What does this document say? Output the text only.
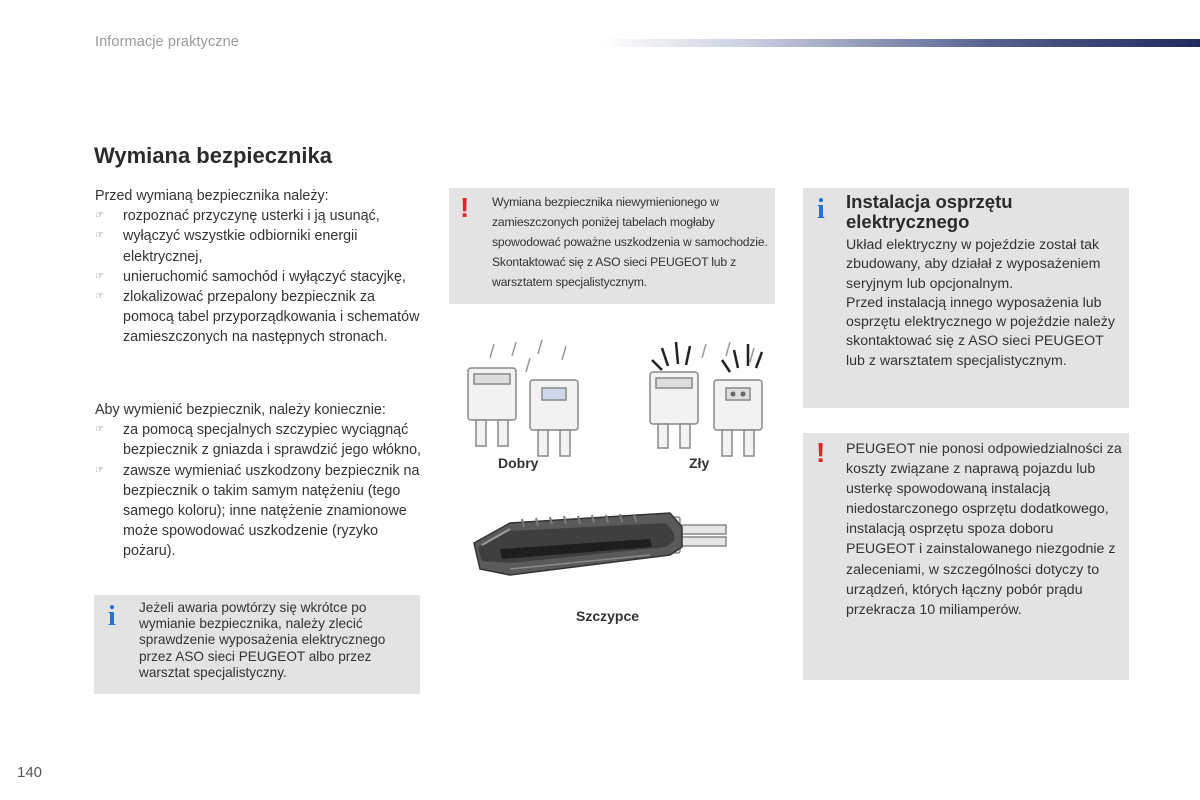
Informacje praktyczne
Wymiana bezpiecznika

Przed wymianą bezpiecznika należy:

☞	rozpoznać przyczynę usterki i ją usunąć,
☞	wyłączyć wszystkie odbiorniki energii elektrycznej,
☞	unieruchomić samochód i wyłączyć stacyjkę,
☞	zlokalizować przepalony bezpiecznik za pomocą tabel przyporządkowania i schematów zamieszczonych na następnych stronach.

Aby wymienić bezpiecznik, należy koniecznie:

☞	za pomocą specjalnych szczypiec wyciągnąć bezpiecznik z gniazda i sprawdzić jego włókno,
☞	zawsze wymieniać uszkodzony bezpiecznik na bezpiecznik o takim samym natężeniu (tego samego koloru); inne natężenie znamionowe może spowodować uszkodzenie (ryzyko pożaru).
i Jeżeli awaria powtórzy się wkrótce po wymianie bezpiecznika, należy zlecić sprawdzenie wyposażenia elektrycznego przez ASO sieci PEUGEOT albo przez warsztat specjalistyczny.
! Wymiana bezpiecznika niewymienionego w zamieszczonych poniżej tabelach mogłaby spowodować poważne uszkodzenia w samochodzie. Skontaktować się z ASO sieci PEUGEOT lub z warsztatem specjalistycznym.
Dobry	Zły
Szczypce
i Instalacja osprzętu elektrycznego

Układ elektryczny w pojeździe został tak zbudowany, aby działał z wyposażeniem seryjnym lub opcjonalnym.

Przed instalacją innego wyposażenia lub osprzętu elektrycznego w pojeździe należy skontaktować się z ASO sieci PEUGEOT lub z warsztatem specjalistycznym.

! PEUGEOT nie ponosi odpowiedzialności za koszty związane z naprawą pojazdu lub usterkę spowodowaną instalacją niedostarczonego osprzętu dodatkowego, instalacją osprzętu spoza doboru PEUGEOT i zainstalowanego niezgodnie z zaleceniami, w szczególności dotyczy to urządzeń, których łączny pobór prądu przekracza 10 miliamperów.
140
